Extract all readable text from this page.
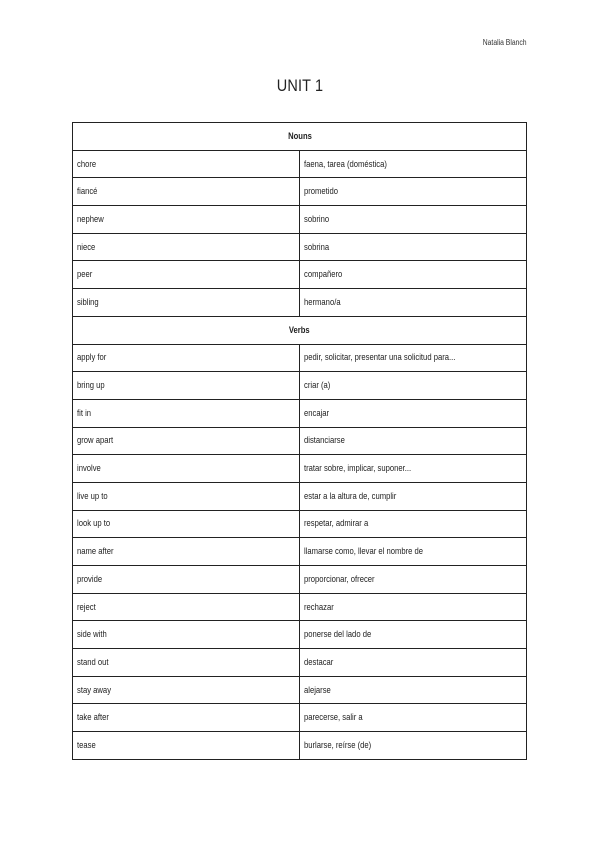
Natalia Blanch
UNIT 1
Nouns	
chore	faena, tarea (doméstica)
fiancé	prometido
nephew	sobrino
niece	sobrina
peer	compañero
sibling	hermano/a
Verbs	
apply for	pedir, solicitar, presentar una solicitud para...
bring up	criar (a)
fit in	encajar
grow apart	distanciarse
involve	tratar sobre, implicar, suponer...
live up to	estar a la altura de, cumplir
look up to	respetar, admirar a
name after	llamarse como, llevar el nombre de
provide	proporcionar, ofrecer
reject	rechazar
side with	ponerse del lado de
stand out	destacar
stay away	alejarse
take after	parecerse, salir a
tease	burlarse, reírse (de)
